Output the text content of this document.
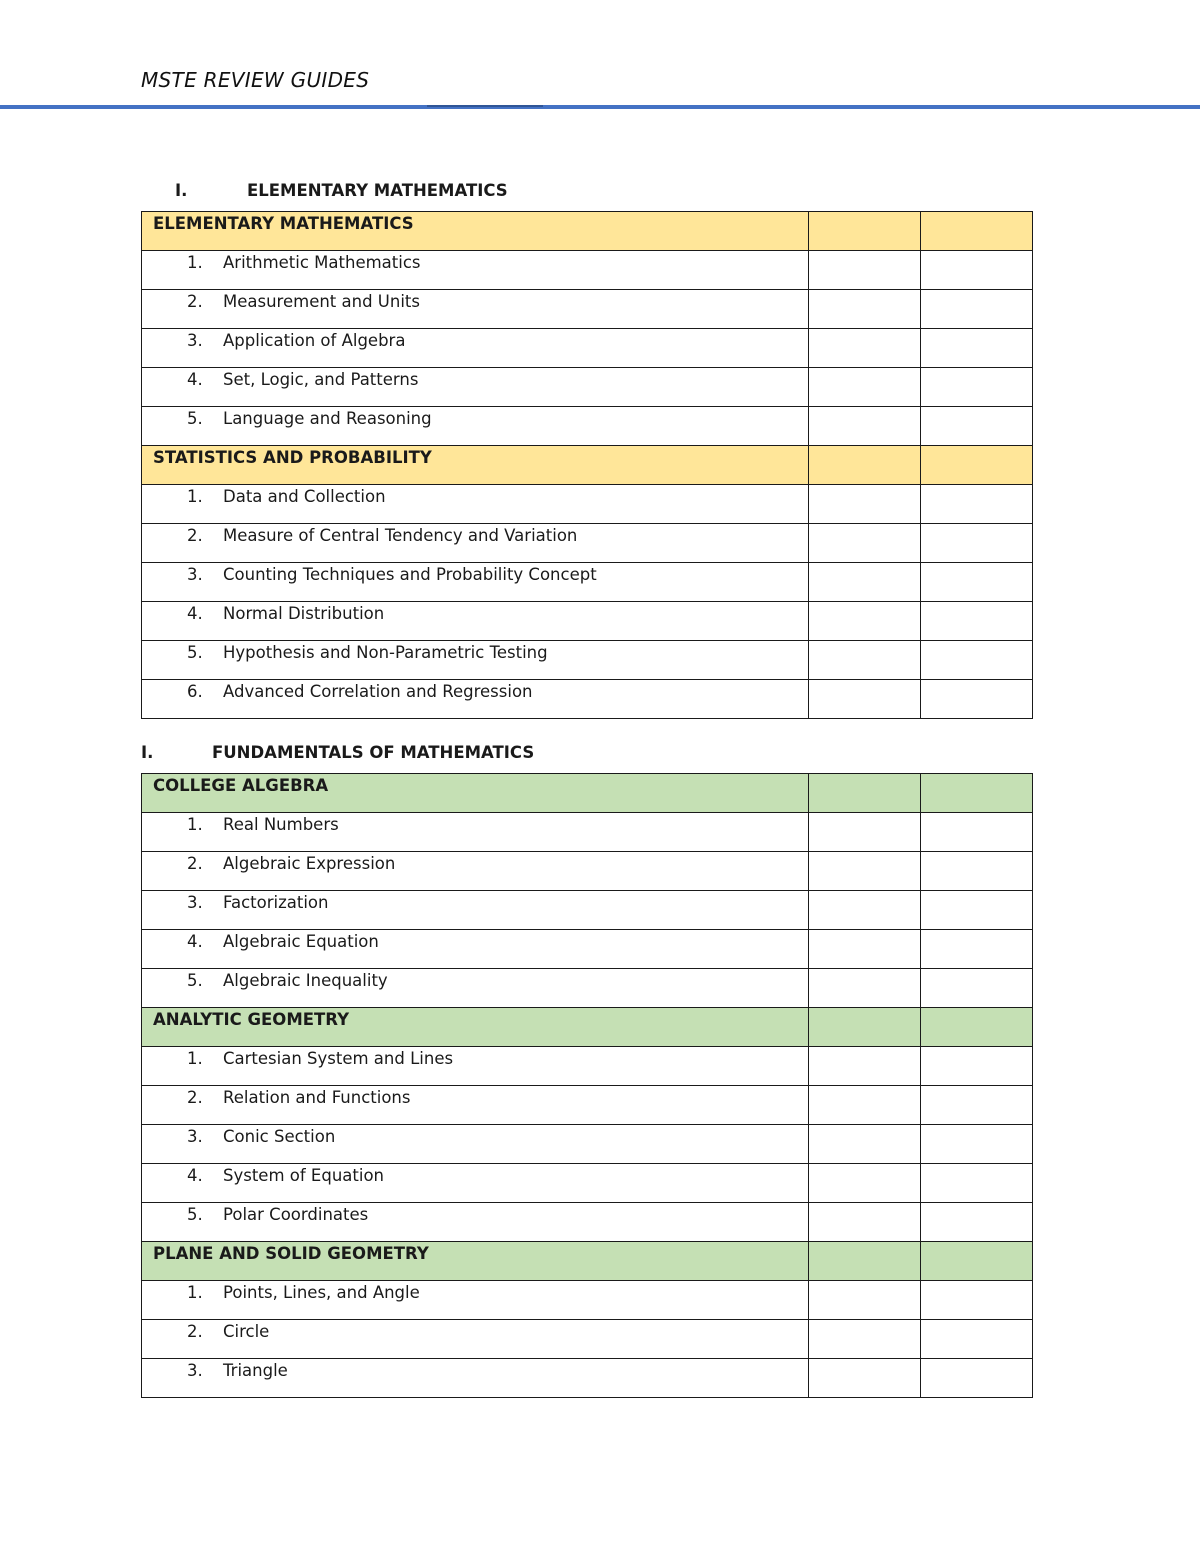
MSTE REVIEW GUIDES
I.	ELEMENTARY MATHEMATICS
ELEMENTARY MATHEMATICS		

1. Arithmetic Mathematics		

2. Measurement and Units		

3. Application of Algebra		

4. Set, Logic, and Patterns		

5. Language and Reasoning		

STATISTICS AND PROBABILITY		

1. Data and Collection		

2. Measure of Central Tendency and Variation		

3. Counting Techniques and Probability Concept		

4. Normal Distribution		

5. Hypothesis and Non-Parametric Testing		

6. Advanced Correlation and Regression		

I.	FUNDAMENTALS OF MATHEMATICS
COLLEGE ALGEBRA		

1. Real Numbers		

2. Algebraic Expression		

3. Factorization		

4. Algebraic Equation		

5. Algebraic Inequality		

ANALYTIC GEOMETRY		

1. Cartesian System and Lines		

2. Relation and Functions		

3. Conic Section		

4. System of Equation		

5. Polar Coordinates		

PLANE AND SOLID GEOMETRY		

1. Points, Lines, and Angle		

2. Circle		

3. Triangle		
